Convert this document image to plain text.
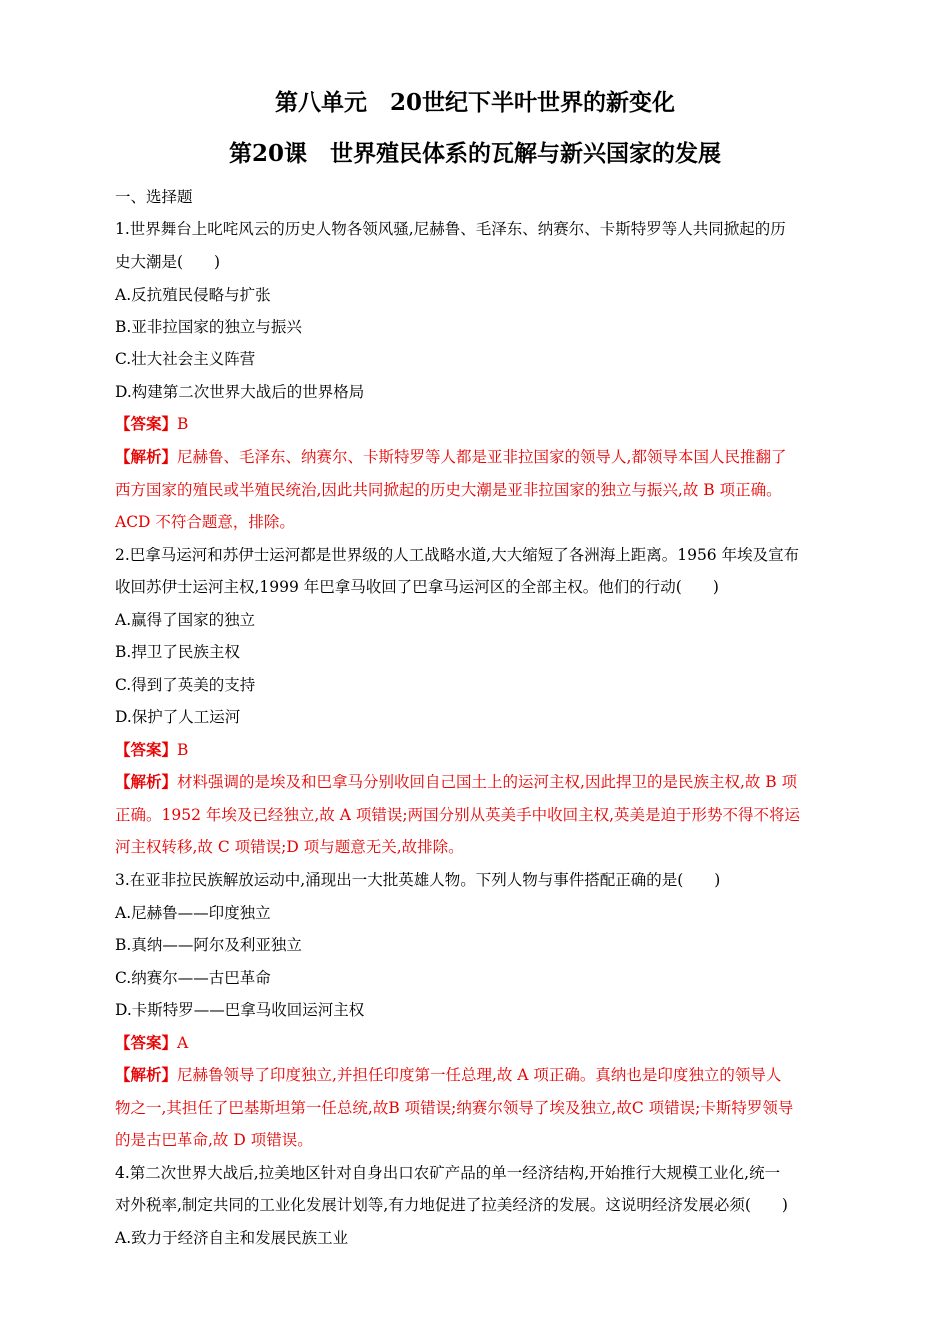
第八单元　20世纪下半叶世界的新变化
第20课　世界殖民体系的瓦解与新兴国家的发展
一、选择题
1.世界舞台上叱咤风云的历史人物各领风骚,尼赫鲁、毛泽东、纳赛尔、卡斯特罗等人共同掀起的历
史大潮是(　　)
A.反抗殖民侵略与扩张
B.亚非拉国家的独立与振兴
C.壮大社会主义阵营
D.构建第二次世界大战后的世界格局
【答案】B
【解析】尼赫鲁、毛泽东、纳赛尔、卡斯特罗等人都是亚非拉国家的领导人,都领导本国人民推翻了
西方国家的殖民或半殖民统治,因此共同掀起的历史大潮是亚非拉国家的独立与振兴,故 B 项正确。
ACD 不符合题意，排除。
2.巴拿马运河和苏伊士运河都是世界级的人工战略水道,大大缩短了各洲海上距离。1956 年埃及宣布
收回苏伊士运河主权,1999 年巴拿马收回了巴拿马运河区的全部主权。他们的行动(　　)
A.赢得了国家的独立
B.捍卫了民族主权
C.得到了英美的支持
D.保护了人工运河
【答案】B
【解析】材料强调的是埃及和巴拿马分别收回自己国土上的运河主权,因此捍卫的是民族主权,故 B 项
正确。1952 年埃及已经独立,故 A 项错误;两国分别从英美手中收回主权,英美是迫于形势不得不将运
河主权转移,故 C 项错误;D 项与题意无关,故排除。
3.在亚非拉民族解放运动中,涌现出一大批英雄人物。下列人物与事件搭配正确的是(　　)
A.尼赫鲁——印度独立
B.真纳——阿尔及利亚独立
C.纳赛尔——古巴革命
D.卡斯特罗——巴拿马收回运河主权
【答案】A
【解析】尼赫鲁领导了印度独立,并担任印度第一任总理,故 A 项正确。真纳也是印度独立的领导人
物之一,其担任了巴基斯坦第一任总统,故B 项错误;纳赛尔领导了埃及独立,故C 项错误;卡斯特罗领导
的是古巴革命,故 D 项错误。
4.第二次世界大战后,拉美地区针对自身出口农矿产品的单一经济结构,开始推行大规模工业化,统一
对外税率,制定共同的工业化发展计划等,有力地促进了拉美经济的发展。这说明经济发展必须(　　)
A.致力于经济自主和发展民族工业
